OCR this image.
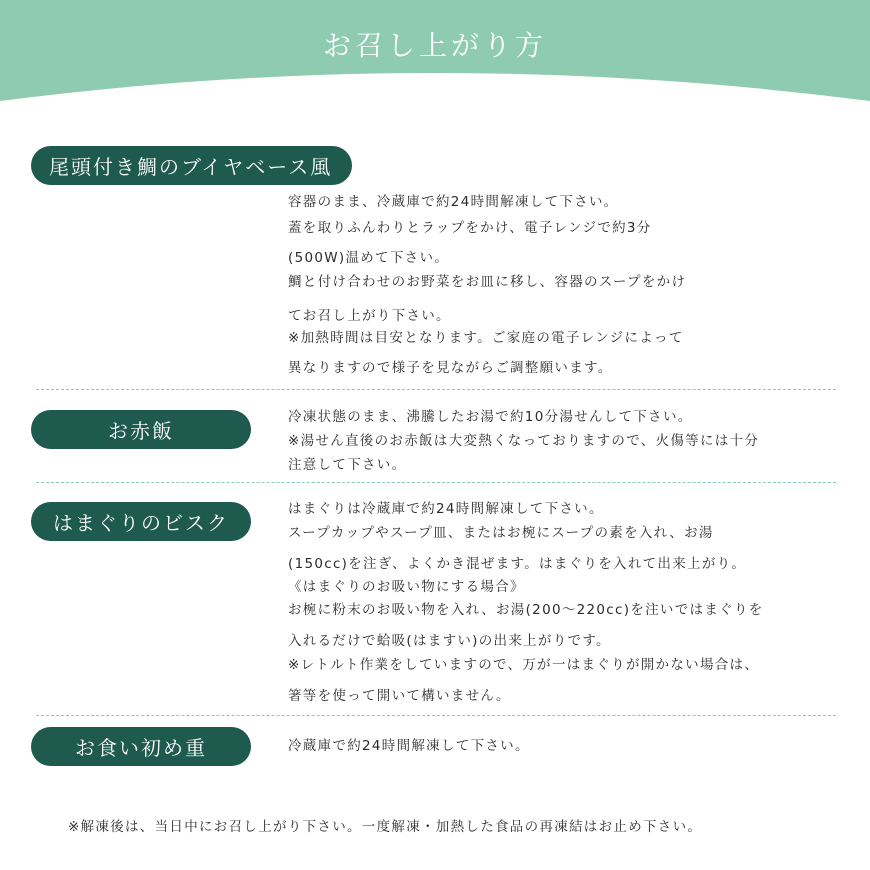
お召し上がり方
尾頭付き鯛のブイヤベース風
容器のまま、冷蔵庫で約24時間解凍して下さい。
蓋を取りふんわりとラップをかけ、電子レンジで約3分
(500W)温めて下さい。
鯛と付け合わせのお野菜をお皿に移し、容器のスープをかけ
てお召し上がり下さい。
※加熱時間は目安となります。ご家庭の電子レンジによって
異なりますので様子を見ながらご調整願います。
お赤飯
冷凍状態のまま、沸騰したお湯で約10分湯せんして下さい。
※湯せん直後のお赤飯は大変熱くなっておりますので、火傷等には十分
注意して下さい。
はまぐりのビスク
はまぐりは冷蔵庫で約24時間解凍して下さい。
スープカップやスープ皿、またはお椀にスープの素を入れ、お湯
(150cc)を注ぎ、よくかき混ぜます。はまぐりを入れて出来上がり。
《はまぐりのお吸い物にする場合》
お椀に粉末のお吸い物を入れ、お湯(200〜220cc)を注いではまぐりを
入れるだけで蛤吸(はますい)の出来上がりです。
※レトルト作業をしていますので、万が一はまぐりが開かない場合は、
箸等を使って開いて構いません。
お食い初め重	冷蔵庫で約24時間解凍して下さい。
※解凍後は、当日中にお召し上がり下さい。一度解凍・加熱した食品の再凍結はお止め下さい。
